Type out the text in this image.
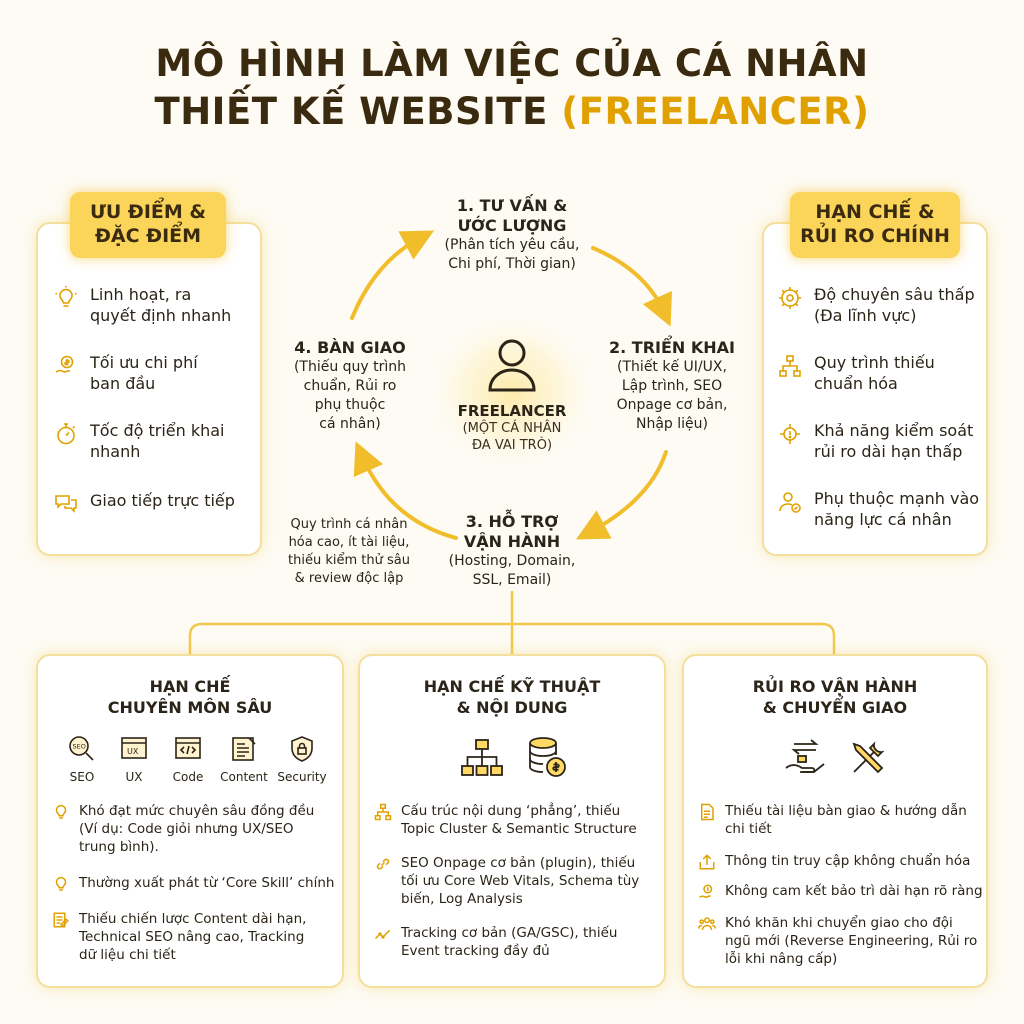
MÔ HÌNH LÀM VIỆC CỦA CÁ NHÂN
THIẾT KẾ WEBSITE (FREELANCER)
ƯU ĐIỂM &
ĐẶC ĐIỂM
Linh hoạt, ra
quyết định nhanh
Tối ưu chi phí
ban đầu
Tốc độ triển khai
nhanh
Giao tiếp trực tiếp
HẠN CHẾ &
RỦI RO CHÍNH
Độ chuyên sâu thấp
(Đa lĩnh vực)
Quy trình thiếu
chuẩn hóa
Khả năng kiểm soát
rủi ro dài hạn thấp
Phụ thuộc mạnh vào
năng lực cá nhân
FREELANCER
(MỘT CÁ NHÂN
ĐA VAI TRÒ)
1. TƯ VẤN &
ƯỚC LƯỢNG
(Phân tích yêu cầu,
Chi phí, Thời gian)
2. TRIỂN KHAI
(Thiết kế UI/UX,
Lập trình, SEO
Onpage cơ bản,
Nhập liệu)
3. HỖ TRỢ
VẬN HÀNH
(Hosting, Domain,
SSL, Email)
4. BÀN GIAO
(Thiếu quy trình
chuẩn, Rủi ro
phụ thuộc
cá nhân)
Quy trình cá nhân
hóa cao, ít tài liệu,
thiếu kiểm thử sâu
& review độc lập
HẠN CHẾ
CHUYÊN MÔN SÂU
SEO
SEO
UX
UX	Code	Content Security
Khó đạt mức chuyên sâu đồng đều
(Ví dụ: Code giỏi nhưng UX/SEO
trung bình).
Thường xuất phát từ ‘Core Skill’ chính
Thiếu chiến lược Content dài hạn,
Technical SEO nâng cao, Tracking
dữ liệu chi tiết
HẠN CHẾ KỸ THUẬT
& NỘI DUNG
Cấu trúc nội dung ‘phẳng’, thiếu
Topic Cluster & Semantic Structure
SEO Onpage cơ bản (plugin), thiếu
tối ưu Core Web Vitals, Schema tùy
biến, Log Analysis
Tracking cơ bản (GA/GSC), thiếu
Event tracking đầy đủ
RỦI RO VẬN HÀNH
& CHUYỂN GIAO
Thiếu tài liệu bàn giao & hướng dẫn
chi tiết
Thông tin truy cập không chuẩn hóa
Không cam kết bảo trì dài hạn rõ ràng
Khó khăn khi chuyển giao cho đội
ngũ mới (Reverse Engineering, Rủi ro
lỗi khi nâng cấp)
